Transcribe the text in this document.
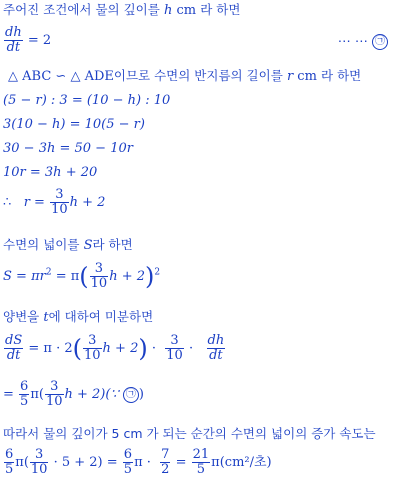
주어진 조건에서 물의 깊이를 h cm 라 하면
$\frac{dh}{dt} = 2$	⋯ ⋯ ㉠
△ ABC ∽ △ ADE이므로 수면의 반지름의 길이를 r cm 라 하면
(5 − r) : 3 = (10 − h) : 10
3(10 − h) = 10(5 − r)
30 − 3h = 50 − 10r
10r = 3h + 20
∴ $r = \frac{3}{10}$ h + 2
수면의 넓이를 S라 하면
$S = \pi r^2 = \pi( \frac{3}{10}$ $h + 2)^2$
양변을 t에 대하여 미분하면
$\frac{dS}{dt} = \pi \cdot 2( \frac{3}{10}$ $h + 2) \cdot \frac{3}{10} \cdot \frac{dh}{dt}$
= $\frac{6}{5} \pi( \frac{3}{10}$ h + 2)(∵ ㉠ )
따라서 물의 깊이가 5 cm 가 되는 순간의 수면의 넓이의 증가 속도는
$\frac{6}{5} \pi( \frac{3}{10} \cdot 5 + 2) = \frac{6}{5}$ $\pi \cdot \frac{7}{2} = \frac{21}{5} \pi(cm^2/$초)
